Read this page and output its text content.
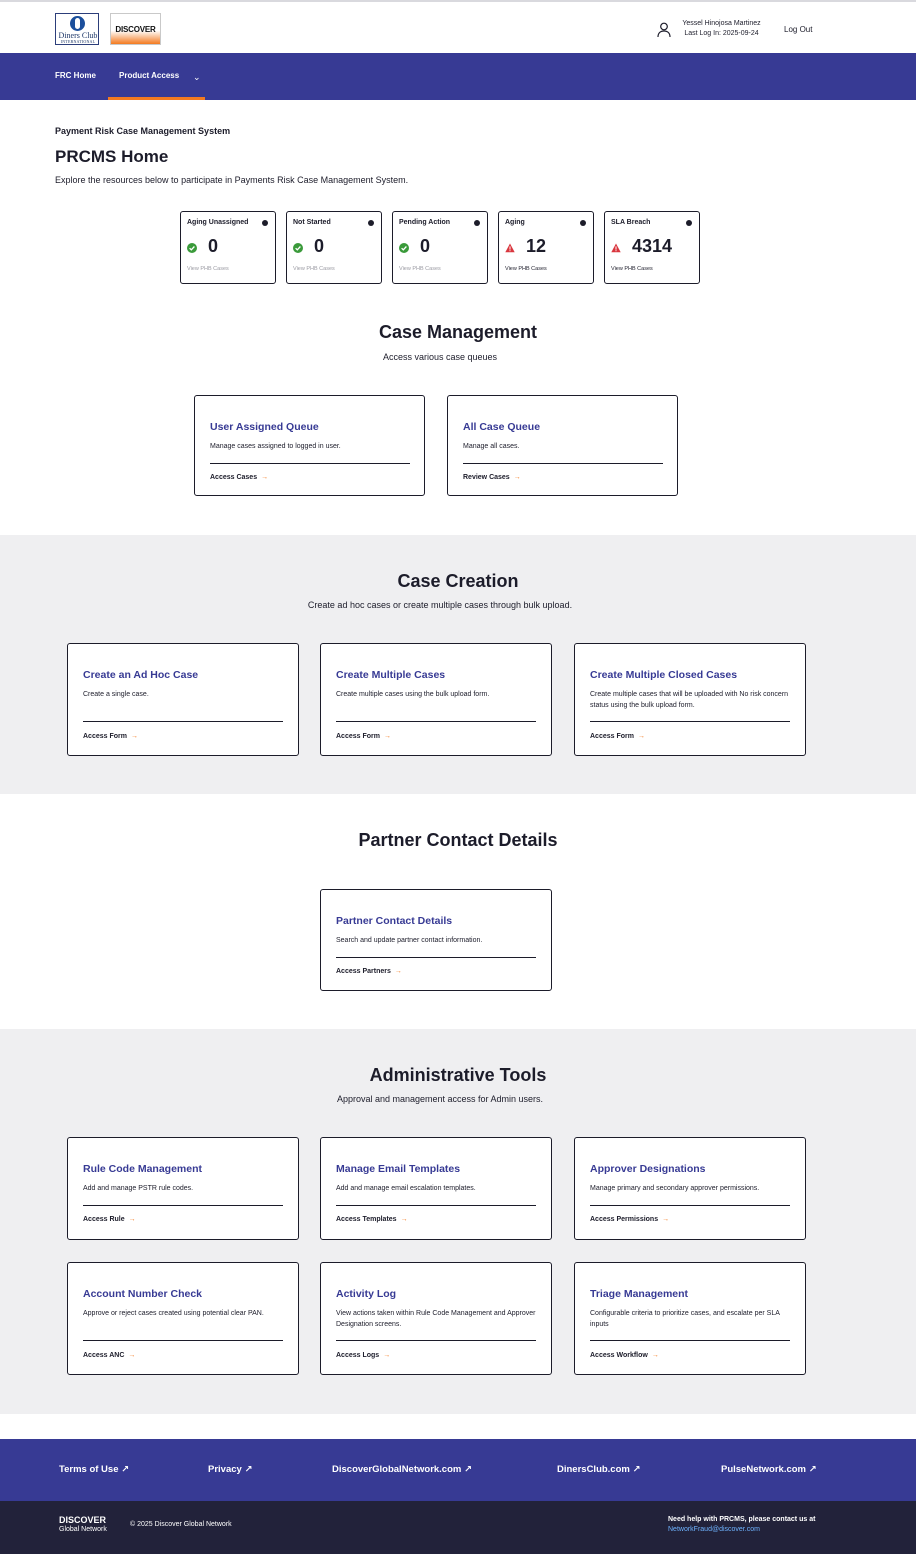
Diners Club
INTERNATIONAL
DISCOVER
Yessel Hinojosa Martinez
Last Log In: 2025-09-24	Log Out
FRC Home	Product Access ⌄
Payment Risk Case Management System
PRCMS Home
Explore the resources below to participate in Payments Risk Case Management System.
Aging Unassigned
0
View PHB Cases
Not Started
0
View PHB Cases
Pending Action
0
View PHB Cases
Aging
12
View PHB Cases
SLA Breach
4314
View PHB Cases
Case Management
Access various case queues
User Assigned Queue
Manage cases assigned to logged in user.
Access Cases →
All Case Queue
Manage all cases.
Review Cases →
Case Creation
Create ad hoc cases or create multiple cases through bulk upload.
Create an Ad Hoc Case
Create a single case.
Access Form →
Create Multiple Cases
Create multiple cases using the bulk upload form.
Access Form →
Create Multiple Closed Cases
Create multiple cases that will be uploaded with No risk concern status using the bulk upload form.
Access Form →
Partner Contact Details
Partner Contact Details
Search and update partner contact information.
Access Partners →
Administrative Tools
Approval and management access for Admin users.
Rule Code Management
Add and manage PSTR rule codes.
Access Rule →
Manage Email Templates
Add and manage email escalation templates.
Access Templates →
Approver Designations
Manage primary and secondary approver permissions.
Access Permissions →
Account Number Check
Approve or reject cases created using potential clear PAN.
Access ANC →
Activity Log
View actions taken within Rule Code Management and Approver Designation screens.
Access Logs →
Triage Management
Configurable criteria to prioritize cases, and escalate per SLA inputs
Access Workflow →
Terms of Use ↗	Privacy ↗	DiscoverGlobalNetwork.com ↗	DinersClub.com ↗	PulseNetwork.com ↗
DISCOVER
Global Network
© 2025 Discover Global Network
Need help with PRCMS, please contact us at
NetworkFraud@discover.com
